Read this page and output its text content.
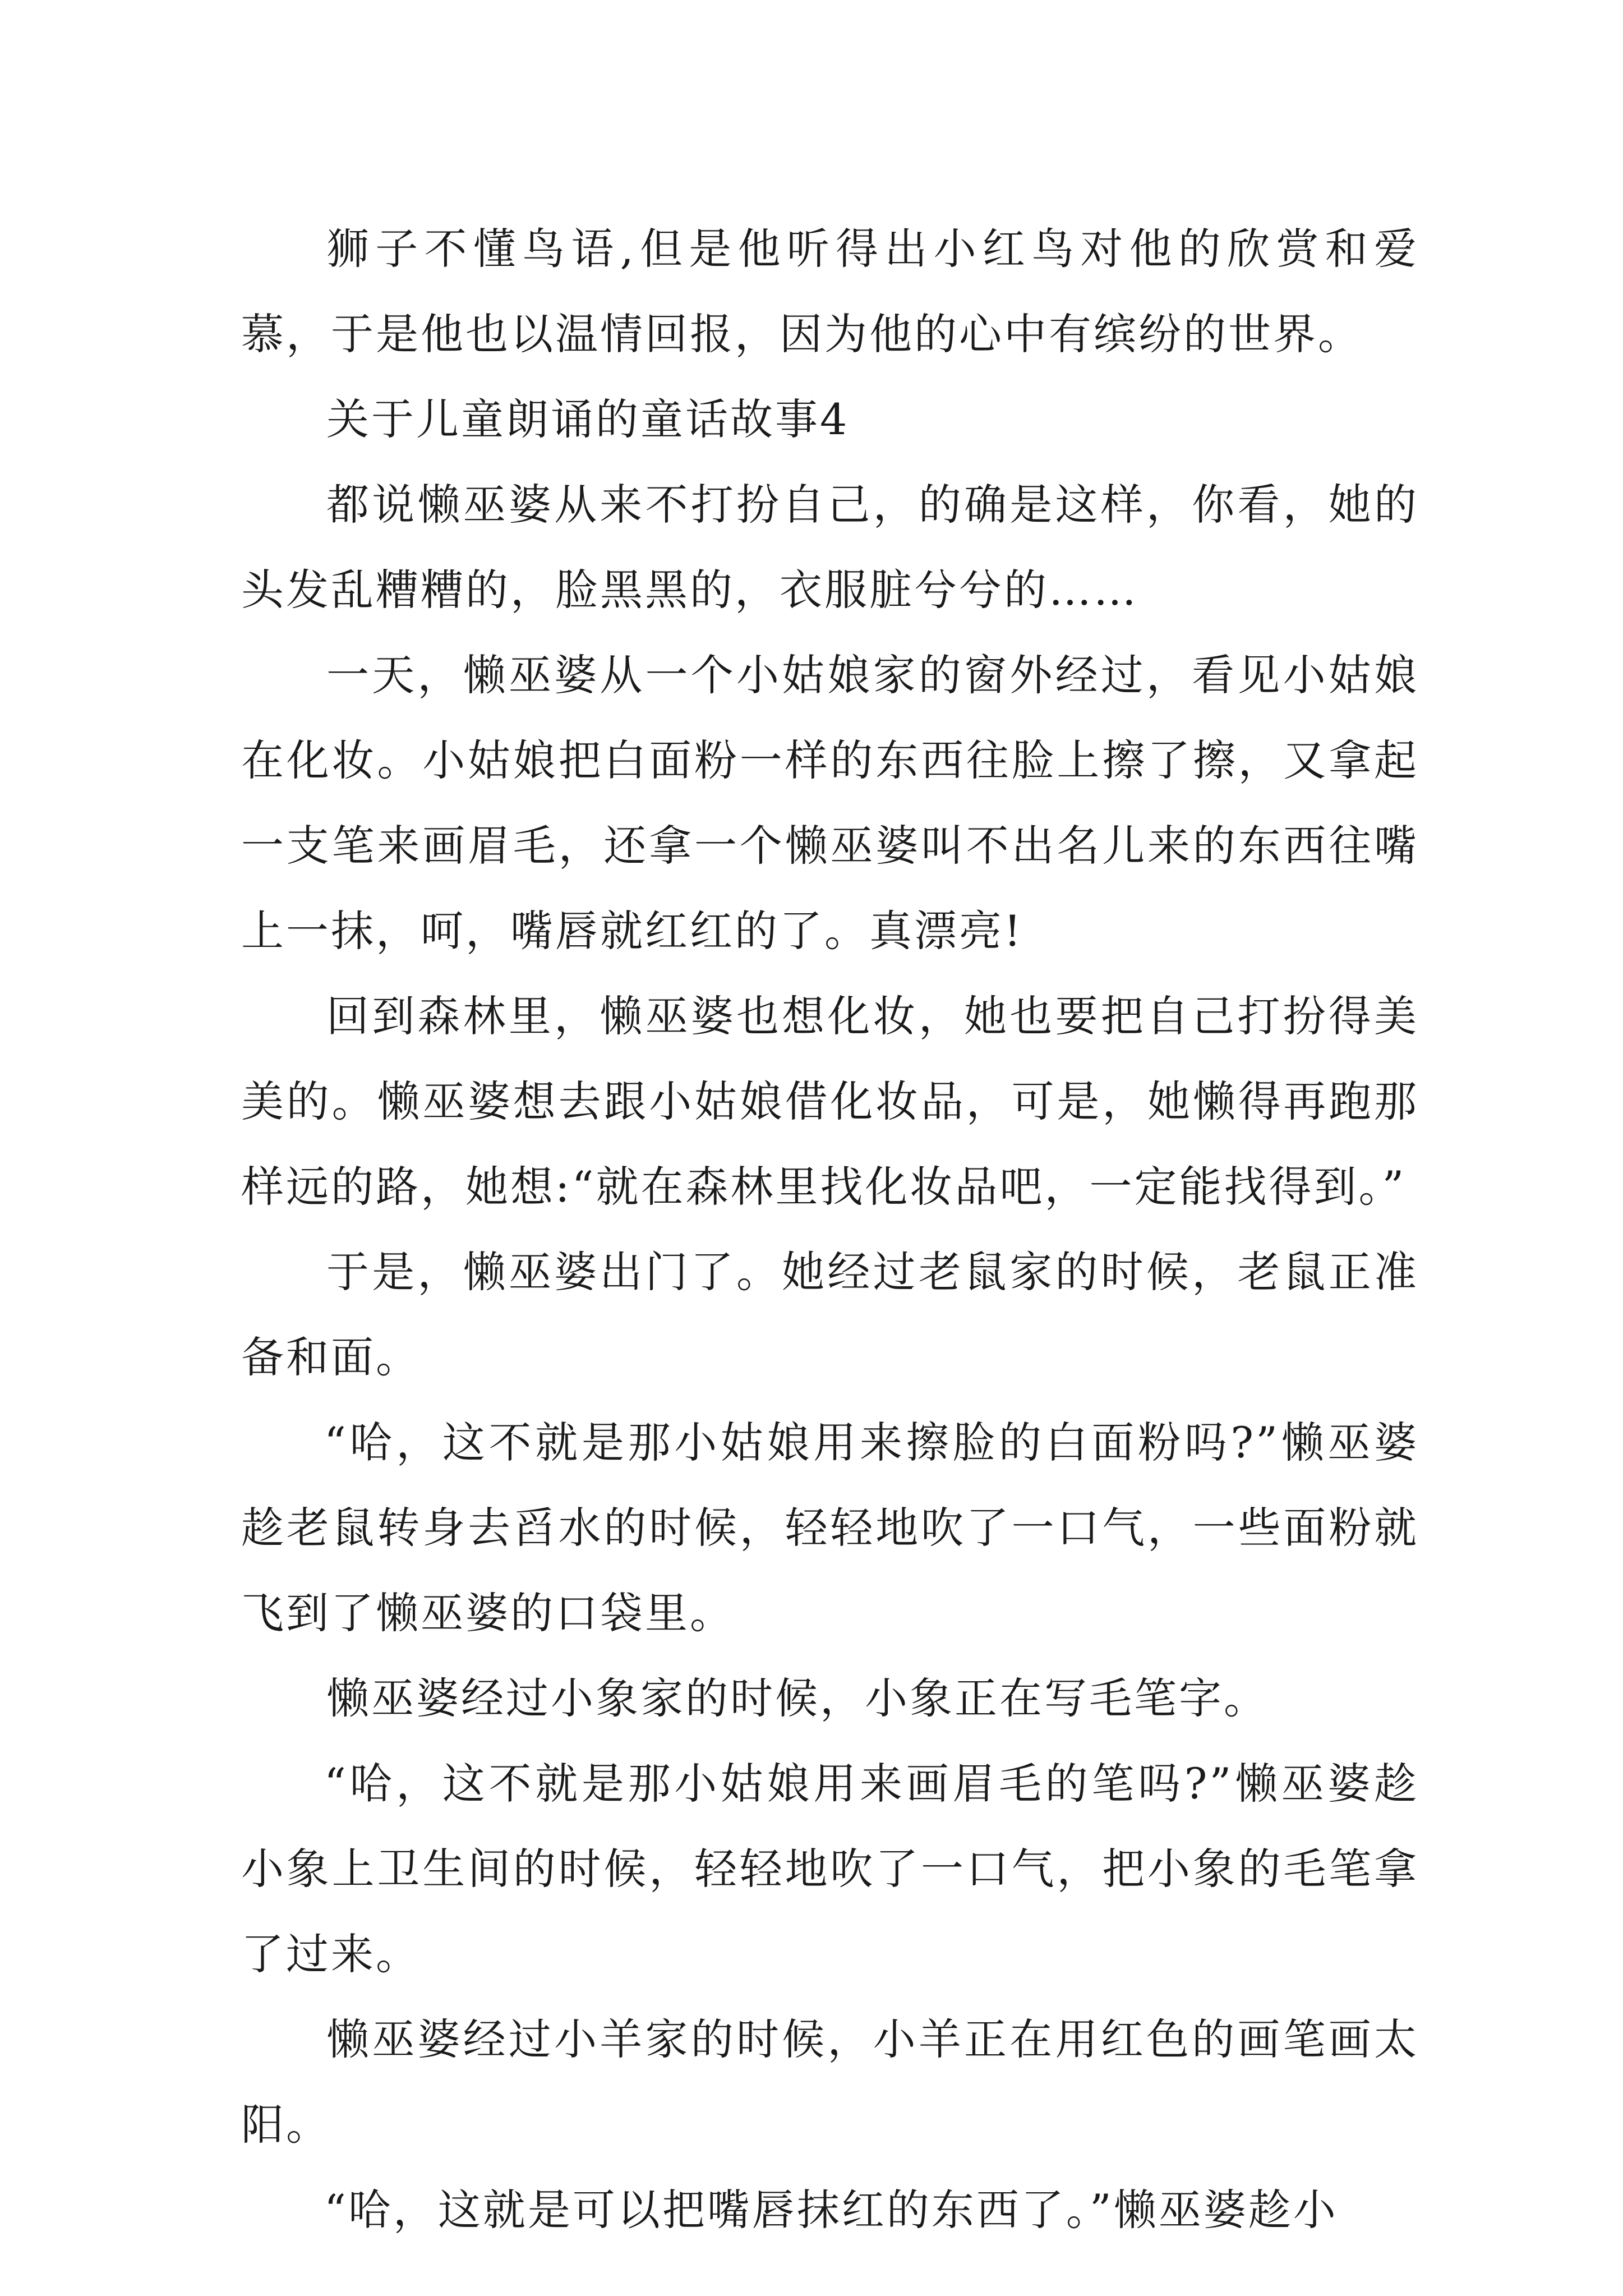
狮子不懂鸟语,但是他听得出小红鸟对他的欣赏和爱慕，于是他也以温情回报，因为他的心中有缤纷的世界。

关于儿童朗诵的童话故事4

都说懒巫婆从来不打扮自己，的确是这样，你看，她的头发乱糟糟的，脸黑黑的，衣服脏兮兮的……

一天，懒巫婆从一个小姑娘家的窗外经过，看见小姑娘在化妆。小姑娘把白面粉一样的东西往脸上擦了擦，又拿起一支笔来画眉毛，还拿一个懒巫婆叫不出名儿来的东西往嘴上一抹，呵，嘴唇就红红的了。真漂亮!

回到森林里，懒巫婆也想化妆，她也要把自己打扮得美美的。懒巫婆想去跟小姑娘借化妆品，可是，她懒得再跑那样远的路，她想:“就在森林里找化妆品吧，一定能找得到。”

于是，懒巫婆出门了。她经过老鼠家的时候，老鼠正准备和面。

“哈，这不就是那小姑娘用来擦脸的白面粉吗?”懒巫婆趁老鼠转身去舀水的时候，轻轻地吹了一口气，一些面粉就飞到了懒巫婆的口袋里。

懒巫婆经过小象家的时候，小象正在写毛笔字。

“哈，这不就是那小姑娘用来画眉毛的笔吗?”懒巫婆趁小象上卫生间的时候，轻轻地吹了一口气，把小象的毛笔拿了过来。

懒巫婆经过小羊家的时候，小羊正在用红色的画笔画太阳。

“哈，这就是可以把嘴唇抹红的东西了。”懒巫婆趁小
